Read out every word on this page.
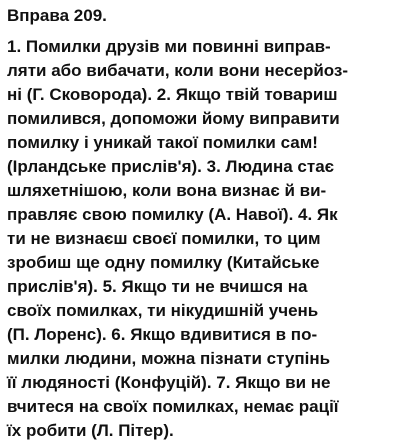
Вправа 209.
1. Помилки друзів ми повинні виправ-
ляти або вибачати, коли вони несерйоз-
ні (Г. Сковорода). 2. Якщо твій товариш
помилився, допоможи йому виправити
помилку і уникай такої помилки сам!
(Ірландське прислів'я). 3. Людина стає
шляхетнішою, коли вона визнає й ви-
правляє свою помилку (А. Навої). 4. Як
ти не визнаєш своєї помилки, то цим
зробиш ще одну помилку (Китайське
прислів'я). 5. Якщо ти не вчишся на
своїх помилках, ти нікудишній учень
(П. Лоренс). 6. Якщо вдивитися в по-
милки людини, можна пізнати ступінь
її людяності (Конфуцій). 7. Якщо ви не
вчитеся на своїх помилках, немає рації
їх робити (Л. Пітер).
